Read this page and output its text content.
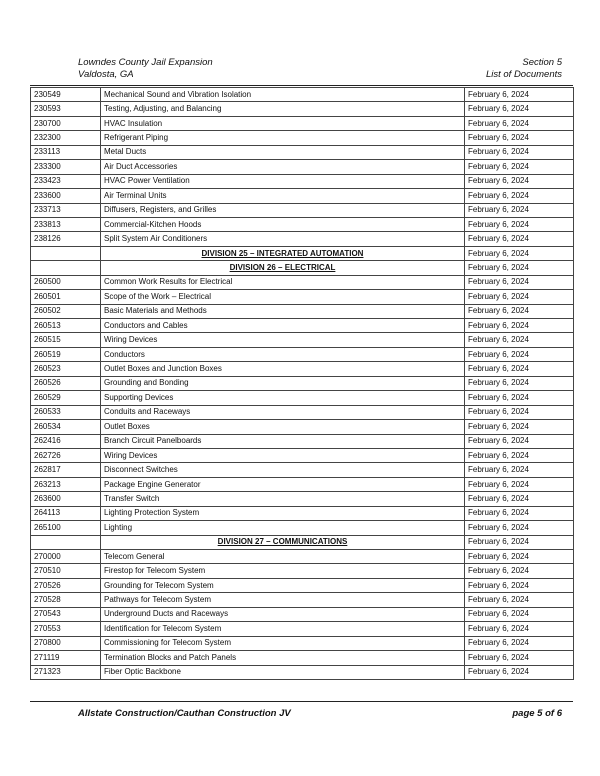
Lowndes County Jail Expansion
Valdosta, GA
Section 5
List of Documents
230549	Mechanical Sound and Vibration Isolation	February 6, 2024
230593	Testing, Adjusting, and Balancing	February 6, 2024
230700	HVAC Insulation	February 6, 2024
232300	Refrigerant Piping	February 6, 2024
233113	Metal Ducts	February 6, 2024
233300	Air Duct Accessories	February 6, 2024
233423	HVAC Power Ventilation	February 6, 2024
233600	Air Terminal Units	February 6, 2024
233713	Diffusers, Registers, and Grilles	February 6, 2024
233813	Commercial-Kitchen Hoods	February 6, 2024
238126	Split System Air Conditioners	February 6, 2024
	DIVISION 25 – INTEGRATED AUTOMATION	February 6, 2024
	DIVISION 26 – ELECTRICAL	February 6, 2024
260500	Common Work Results for Electrical	February 6, 2024
260501	Scope of the Work – Electrical	February 6, 2024
260502	Basic Materials and Methods	February 6, 2024
260513	Conductors and Cables	February 6, 2024
260515	Wiring Devices	February 6, 2024
260519	Conductors	February 6, 2024
260523	Outlet Boxes and Junction Boxes	February 6, 2024
260526	Grounding and Bonding	February 6, 2024
260529	Supporting Devices	February 6, 2024
260533	Conduits and Raceways	February 6, 2024
260534	Outlet Boxes	February 6, 2024
262416	Branch Circuit Panelboards	February 6, 2024
262726	Wiring Devices	February 6, 2024
262817	Disconnect Switches	February 6, 2024
263213	Package Engine Generator	February 6, 2024
263600	Transfer Switch	February 6, 2024
264113	Lighting Protection System	February 6, 2024
265100	Lighting	February 6, 2024
	DIVISION 27 – COMMUNICATIONS	February 6, 2024
270000	Telecom General	February 6, 2024
270510	Firestop for Telecom System	February 6, 2024
270526	Grounding for Telecom System	February 6, 2024
270528	Pathways for Telecom System	February 6, 2024
270543	Underground Ducts and Raceways	February 6, 2024
270553	Identification for Telecom System	February 6, 2024
270800	Commissioning for Telecom System	February 6, 2024
271119	Termination Blocks and Patch Panels	February 6, 2024
271323	Fiber Optic Backbone	February 6, 2024
Allstate Construction/Cauthan Construction JV	page 5 of 6
